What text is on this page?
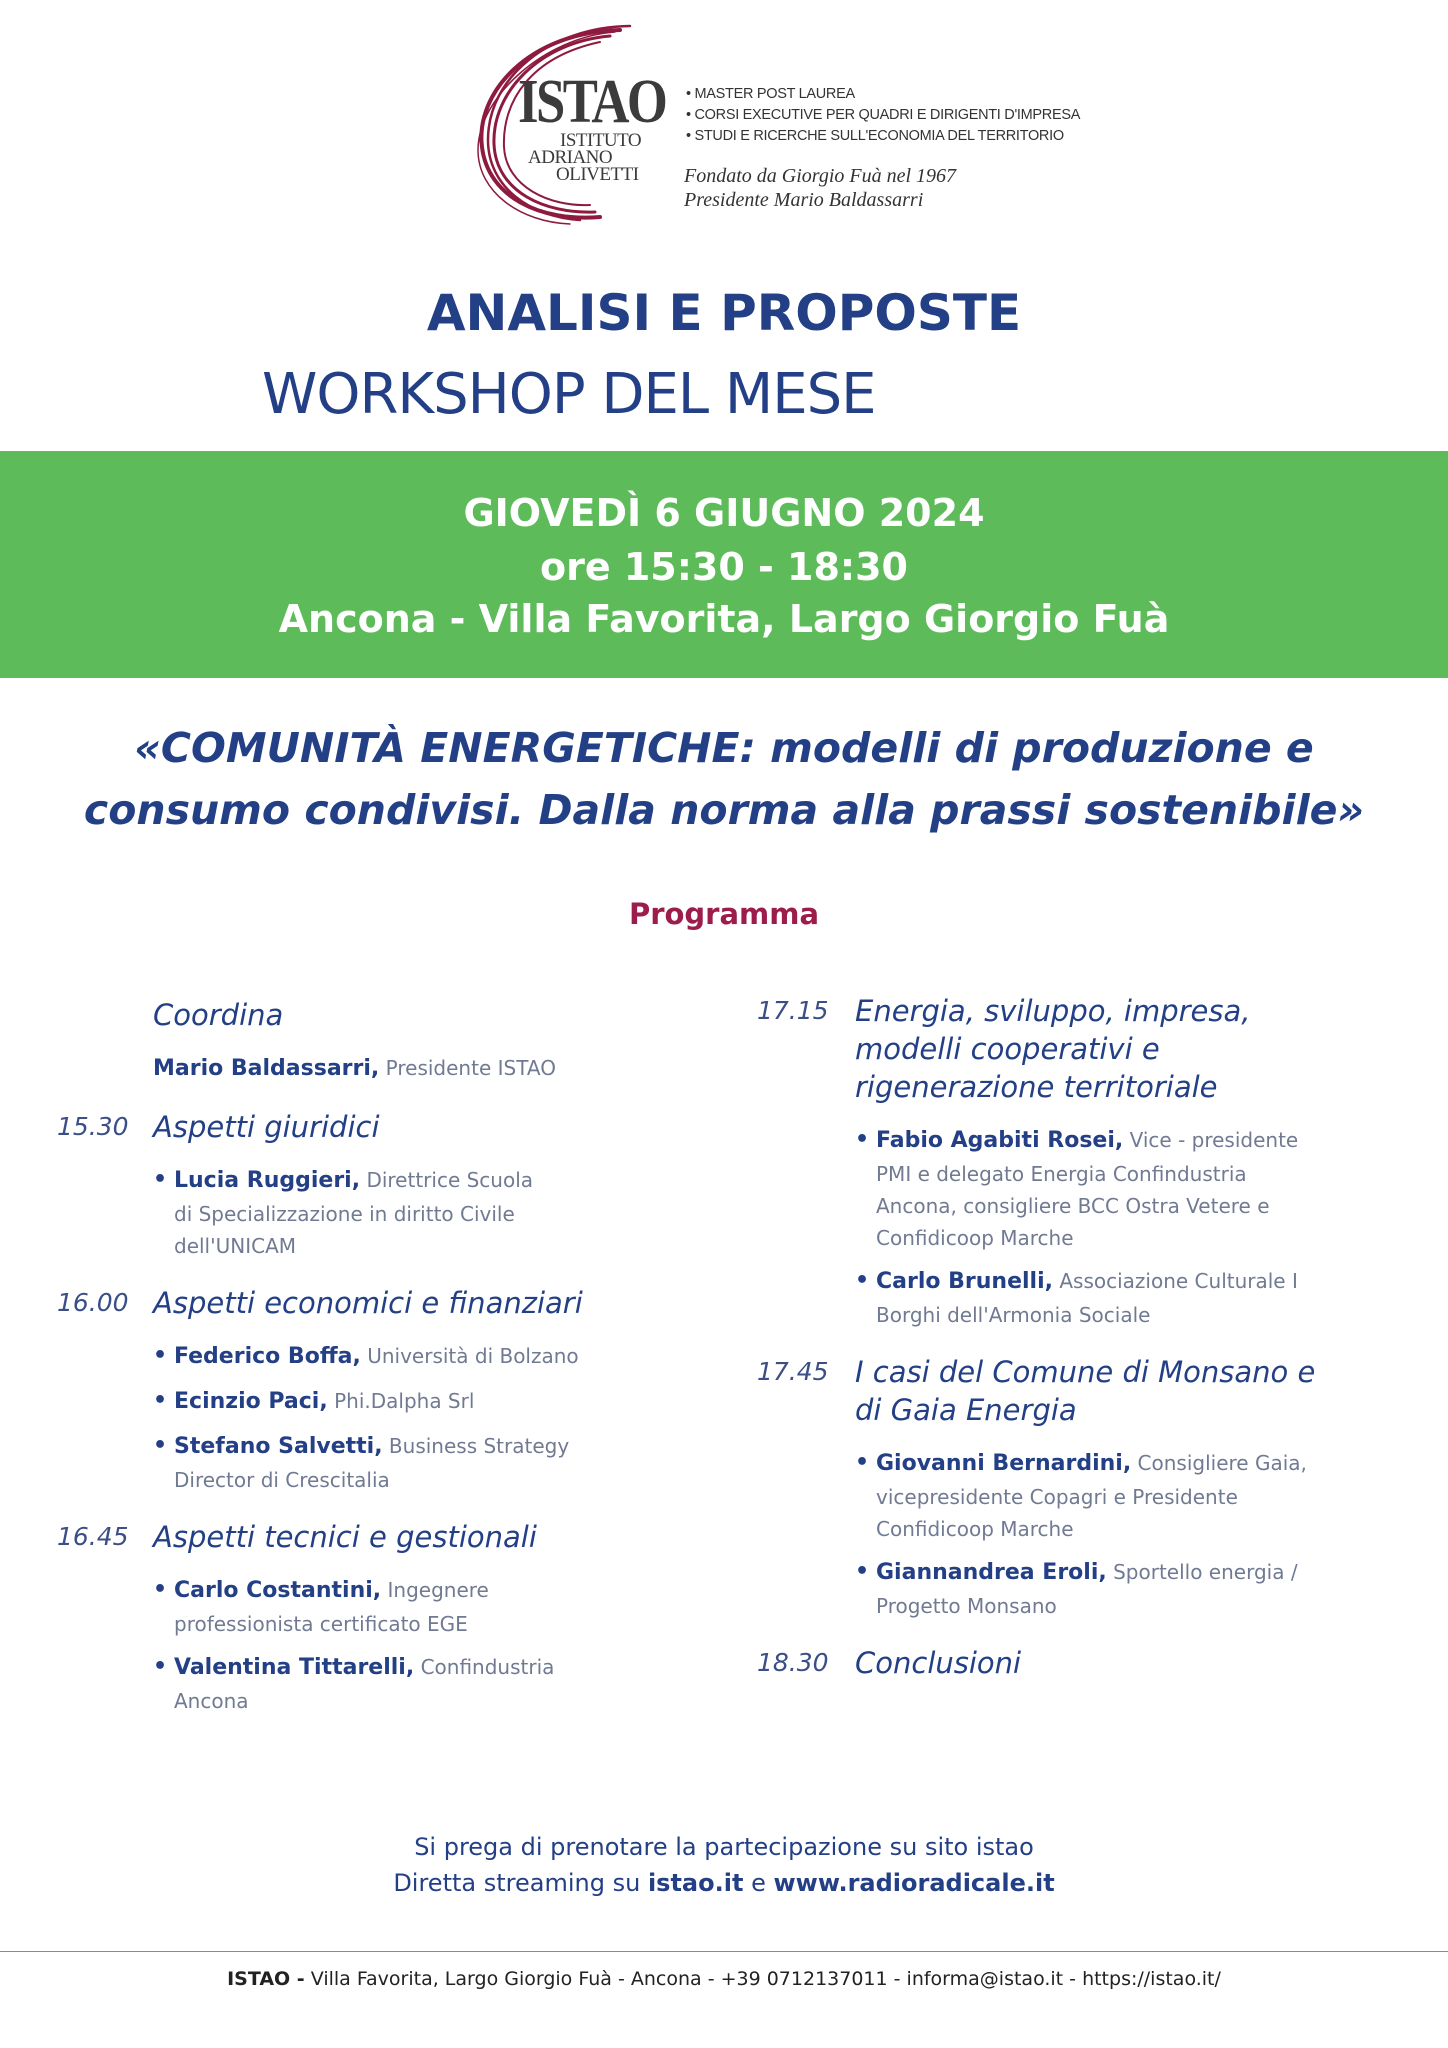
ISTAO
ISTITUTO
ADRIANO
OLIVETTI
• MASTER POST LAUREA
• CORSI EXECUTIVE PER QUADRI E DIRIGENTI D'IMPRESA
• STUDI E RICERCHE SULL'ECONOMIA DEL TERRITORIO
Fondato da Giorgio Fuà nel 1967
Presidente Mario Baldassarri
ANALISI E PROPOSTE
WORKSHOP DEL MESE
GIOVEDÌ 6 GIUGNO 2024
ore 15:30 - 18:30
Ancona - Villa Favorita, Largo Giorgio Fuà
«COMUNITÀ ENERGETICHE: modelli di produzione e
consumo condivisi. Dalla norma alla prassi sostenibile»
Programma
Coordina
Mario Baldassarri, Presidente ISTAO
15.30 Aspetti giuridici
• Lucia Ruggieri, Direttrice Scuola
di Specializzazione in diritto Civile
dell'UNICAM
16.00 Aspetti economici e finanziari
• Federico Boffa, Università di Bolzano
• Ecinzio Paci, Phi.Dalpha Srl
• Stefano Salvetti, Business Strategy
Director di Crescitalia
16.45 Aspetti tecnici e gestionali
• Carlo Costantini, Ingegnere
professionista certificato EGE
• Valentina Tittarelli, Confindustria
Ancona
17.15 Energia, sviluppo, impresa,
modelli cooperativi e
rigenerazione territoriale
• Fabio Agabiti Rosei, Vice - presidente
PMI e delegato Energia Confindustria
Ancona, consigliere BCC Ostra Vetere e
Confidicoop Marche
• Carlo Brunelli, Associazione Culturale I
Borghi dell'Armonia Sociale
17.45 I casi del Comune di Monsano e
di Gaia Energia
• Giovanni Bernardini, Consigliere Gaia,
vicepresidente Copagri e Presidente
Confidicoop Marche
• Giannandrea Eroli, Sportello energia /
Progetto Monsano
18.30 Conclusioni
Si prega di prenotare la partecipazione su sito istao
Diretta streaming su istao.it e www.radioradicale.it
ISTAO - Villa Favorita, Largo Giorgio Fuà - Ancona - +39 0712137011 - informa@istao.it - https://istao.it/
